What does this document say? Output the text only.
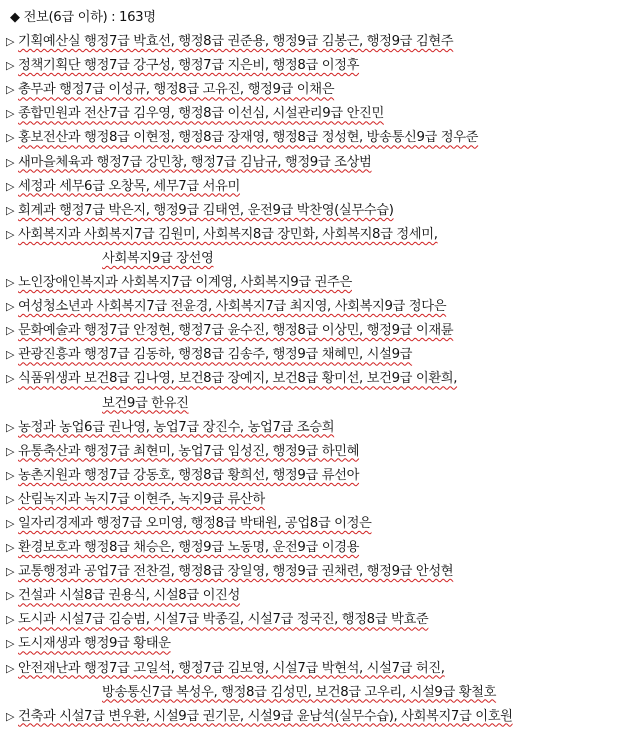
◆ 전보(6급 이하) : 163명
▷ 기획예산실 행정7급 박효선, 행정8급 권준용, 행정9급 김봉근, 행정9급 김현주
▷ 정책기획단 행정7급 강구성, 행정7급 지은비, 행정8급 이정후
▷ 총무과 행정7급 이성규, 행정8급 고유진, 행정9급 이채은
▷ 종합민원과 전산7급 김우영, 행정8급 이선심, 시설관리9급 안진민
▷ 홍보전산과 행정8급 이현정, 행정8급 장재영, 행정8급 정성현, 방송통신9급 정우준
▷ 새마을체육과 행정7급 강민창, 행정7급 김남규, 행정9급 조상범
▷ 세정과 세무6급 오창목, 세무7급 서유미
▷ 회계과 행정7급 박은지, 행정9급 김태연, 운전9급 박찬영(실무수습)
▷ 사회복지과 사회복지7급 김원미, 사회복지8급 장민화, 사회복지8급 정세미,
사회복지9급 장선영
▷ 노인장애인복지과 사회복지7급 이계영, 사회복지9급 권주은
▷ 여성청소년과 사회복지7급 전윤경, 사회복지7급 최지영, 사회복지9급 정다은
▷ 문화예술과 행정7급 안정현, 행정7급 윤수진, 행정8급 이상민, 행정9급 이재륜
▷ 관광진흥과 행정7급 김동하, 행정8급 김송주, 행정9급 채혜민, 시설9급
▷ 식품위생과 보건8급 김나영, 보건8급 장예지, 보건8급 황미선, 보건9급 이환희,
보건9급 한유진
▷ 농정과 농업6급 권나영, 농업7급 장진수, 농업7급 조승희
▷ 유통축산과 행정7급 최현미, 농업7급 임성진, 행정9급 하민혜
▷ 농촌지원과 행정7급 강동호, 행정8급 황희선, 행정9급 류선아
▷ 산림녹지과 녹지7급 이현주, 녹지9급 류산하
▷ 일자리경제과 행정7급 오미영, 행정8급 박태원, 공업8급 이정은
▷ 환경보호과 행정8급 채승은, 행정9급 노동명, 운전9급 이경용
▷ 교통행정과 공업7급 전찬걸, 행정8급 장일영, 행정9급 권채련, 행정9급 안성현
▷ 건설과 시설8급 권용식, 시설8급 이진성
▷ 도시과 시설7급 김승범, 시설7급 박종길, 시설7급 정국진, 행정8급 박효준
▷ 도시재생과 행정9급 황태운
▷ 안전재난과 행정7급 고일석, 행정7급 김보영, 시설7급 박현석, 시설7급 허진,
방송통신7급 복성우, 행정8급 김성민, 보건8급 고우리, 시설9급 황철호
▷ 건축과 시설7급 변우환, 시설9급 권기문, 시설9급 윤남석(실무수습), 사회복지7급 이호원
